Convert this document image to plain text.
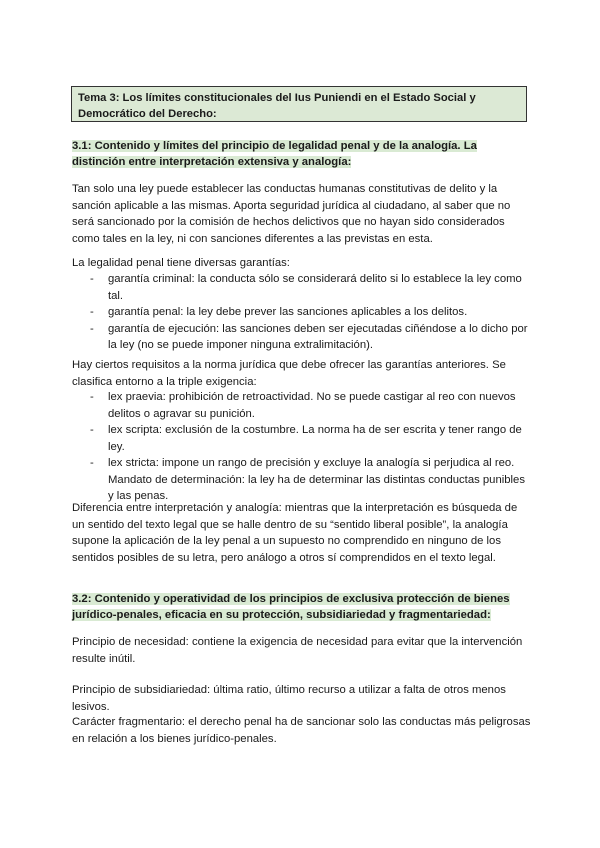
Tema 3: Los límites constitucionales del Ius Puniendi en el Estado Social y Democrático del Derecho:
3.1: Contenido y límites del principio de legalidad penal y de la analogía. La distinción entre interpretación extensiva y analogía:

Tan solo una ley puede establecer las conductas humanas constitutivas de delito y la sanción aplicable a las mismas. Aporta seguridad jurídica al ciudadano, al saber que no será sancionado por la comisión de hechos delictivos que no hayan sido considerados como tales en la ley, ni con sanciones diferentes a las previstas en esta.

La legalidad penal tiene diversas garantías:

- garantía criminal: la conducta sólo se considerará delito si lo establece la ley como tal.
- garantía penal: la ley debe prever las sanciones aplicables a los delitos.
- garantía de ejecución: las sanciones deben ser ejecutadas ciñéndose a lo dicho por la ley (no se puede imponer ninguna extralimitación).

Hay ciertos requisitos a la norma jurídica que debe ofrecer las garantías anteriores. Se clasifica entorno a la triple exigencia:

- lex praevia: prohibición de retroactividad. No se puede castigar al reo con nuevos delitos o agravar su punición.
- lex scripta: exclusión de la costumbre. La norma ha de ser escrita y tener rango de ley.
- lex stricta: impone un rango de precisión y excluye la analogía si perjudica al reo. Mandato de determinación: la ley ha de determinar las distintas conductas punibles y las penas.

Diferencia entre interpretación y analogía: mientras que la interpretación es búsqueda de un sentido del texto legal que se halle dentro de su “sentido liberal posible”, la analogía supone la aplicación de la ley penal a un supuesto no comprendido en ninguno de los sentidos posibles de su letra, pero análogo a otros sí comprendidos en el texto legal.

3.2: Contenido y operatividad de los principios de exclusiva protección de bienes jurídico-penales, eficacia en su protección, subsidiariedad y fragmentariedad:

Principio de necesidad: contiene la exigencia de necesidad para evitar que la intervención resulte inútil.

Principio de subsidiariedad: última ratio, último recurso a utilizar a falta de otros menos lesivos.

Carácter fragmentario: el derecho penal ha de sancionar solo las conductas más peligrosas en relación a los bienes jurídico-penales.
